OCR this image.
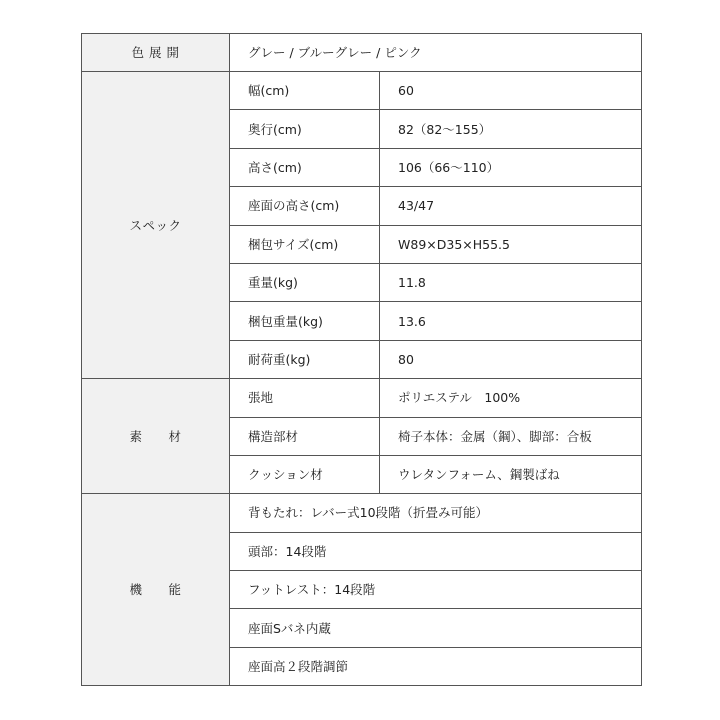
色 展 開	グレー / ブルーグレー / ピンク	
スペック	幅(cm)	60
	奥行(cm)	82（82〜155）
	高さ(cm)	106（66〜110）
	座面の高さ(cm)	43/47
	梱包サイズ(cm)	W89×D35×H55.5
	重量(kg)	11.8
	梱包重量(kg)	13.6
	耐荷重(kg)	80
素　　材	張地	ポリエステル　100%
	構造部材	椅子本体：金属（鋼）、脚部：合板
	クッション材	ウレタンフォーム、鋼製ばね
機　　能	背もたれ：レバー式10段階（折畳み可能）	
	頭部：14段階	
	フットレスト：14段階	
	座面Sバネ内蔵	
	座面高２段階調節	
